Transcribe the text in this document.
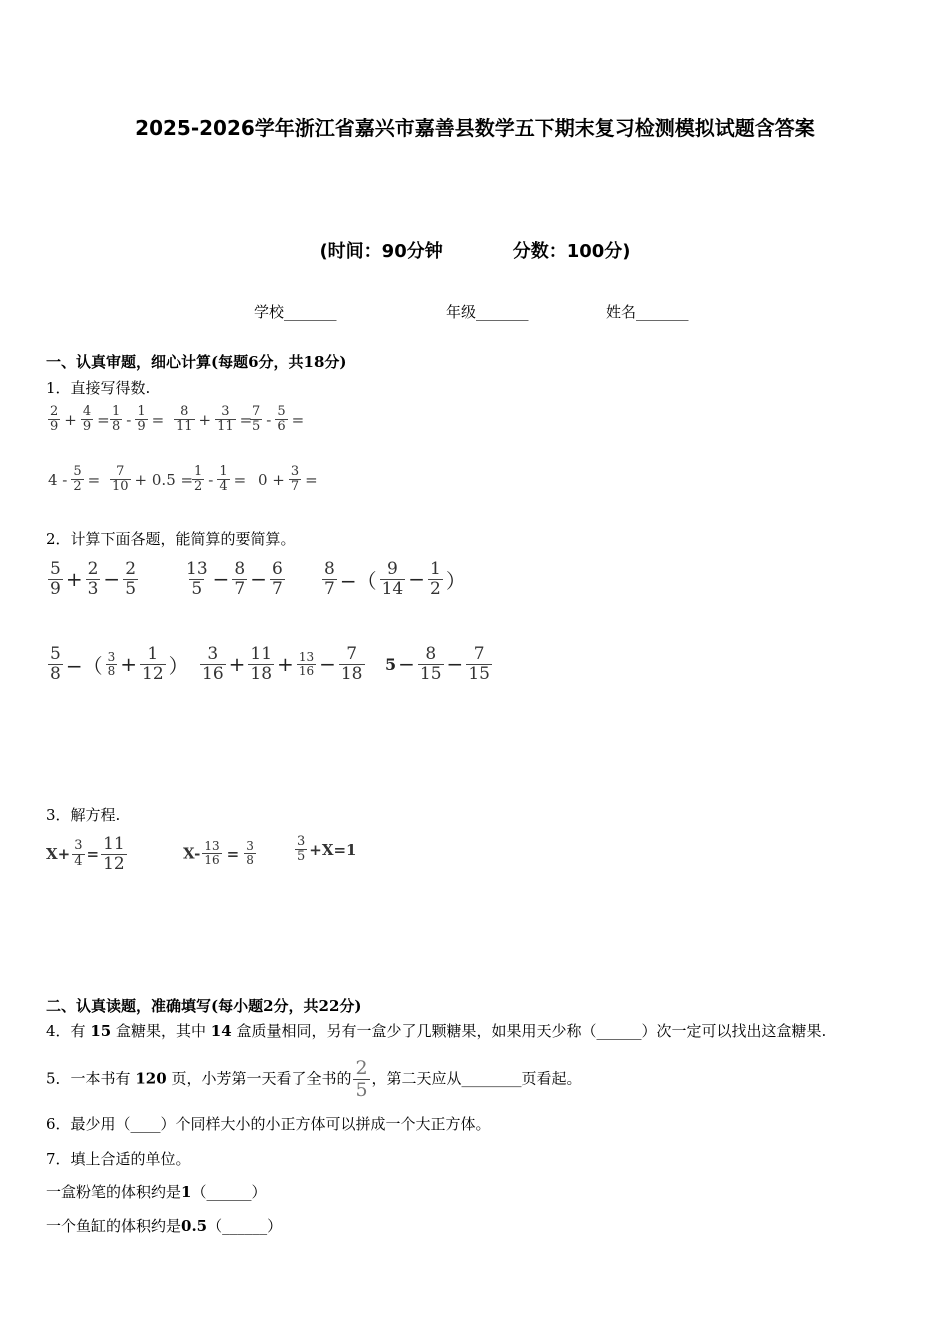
2025-2026学年浙江省嘉兴市嘉善县数学五下期末复习检测模拟试题含答案
(时间：90分钟	分数：100分)
学校_______	年级_______	姓名_______
一、认真审题，细心计算(每题6分，共18分)
1．直接写得数.
$\frac{2}{9} + \frac{4}{9} = \frac{1}{8} - \frac{1}{9} = \frac{8}{11} + \frac{3}{11}$ =
$\frac{7}{5} - \frac{5}{6}$ =
$4 - \frac{5}{2} = \frac{7}{10} + 0.5$ =
$\frac{1}{2} - \frac{1}{4} = 0 + \frac{3}{7}$ =
2．计算下面各题，能简算的要简算。
$\frac{5}{9} + \frac{2}{3} - \frac{2}{5}$	$\frac{13}{5} - \frac{8}{7} - \frac{6}{7} \frac{8}{7}$ −（ $\frac{9}{14} - \frac{1}{2}$ ）
$\frac{5}{8}$ −（ $\frac{3}{8} + \frac{1}{12}$ ） $\frac{3}{16} + \frac{11}{18} + \frac{13}{16} - \frac{7}{18} 5 - \frac{8}{15} - \frac{7}{15}$
3．解方程.
$X+ \frac{3}{4} = \frac{11}{12}$	$X- \frac{13}{16} = \frac{3}{8}$	$\frac{3}{5} +X=1$
二、认真读题，准确填写(每小题2分，共22分)
4．有 15 盒糖果，其中 14 盒质量相同，另有一盒少了几颗糖果，如果用天少称（______）次一定可以找出这盒糖果.
5．一本书有 120 页，小芳第一天看了全书的 $\frac{2}{5}$ ，第二天应从________页看起。
6．最少用（____）个同样大小的小正方体可以拼成一个大正方体。
7．填上合适的单位。
一盒粉笔的体积约是1（______）
一个鱼缸的体积约是0.5（______）
